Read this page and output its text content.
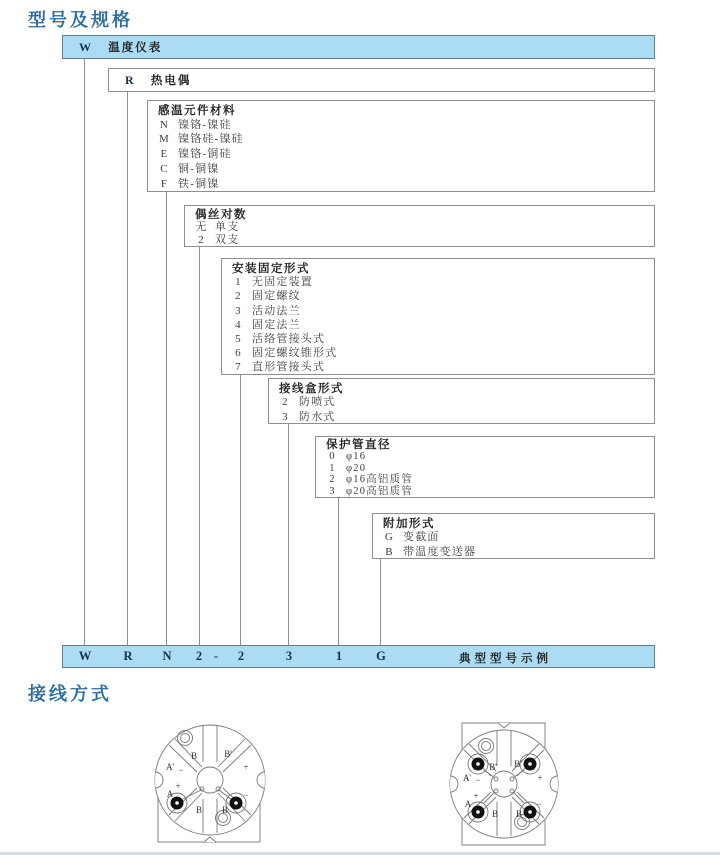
型号及规格
W 温度仪表
R 热电偶
感温元件材料
N 镍铬-镍硅
M 镍铬硅-镍硅
E 镍铬-铜硅
C 铜-铜镍
F 铁-铜镍
偶丝对数
无 单支
2 双支
安装固定形式
1 无固定装置
2 固定螺纹
3 活动法兰
4 固定法兰
5 活络管接头式
6 固定螺纹锥形式
7 直形管接头式
接线盒形式
2 防喷式
3 防水式
保护管直径
0 φ16
1 φ20
2 φ16高铝质管
3 φ20高铝质管
附加形式
G 变截面
B 带温度变送器
W	R N 2 - 2	3	1	G	典型型号示例
接线方式
B	B'
A' −	+
+
A	−
B B
B' B'
A' −	+
+
A	−
B B
